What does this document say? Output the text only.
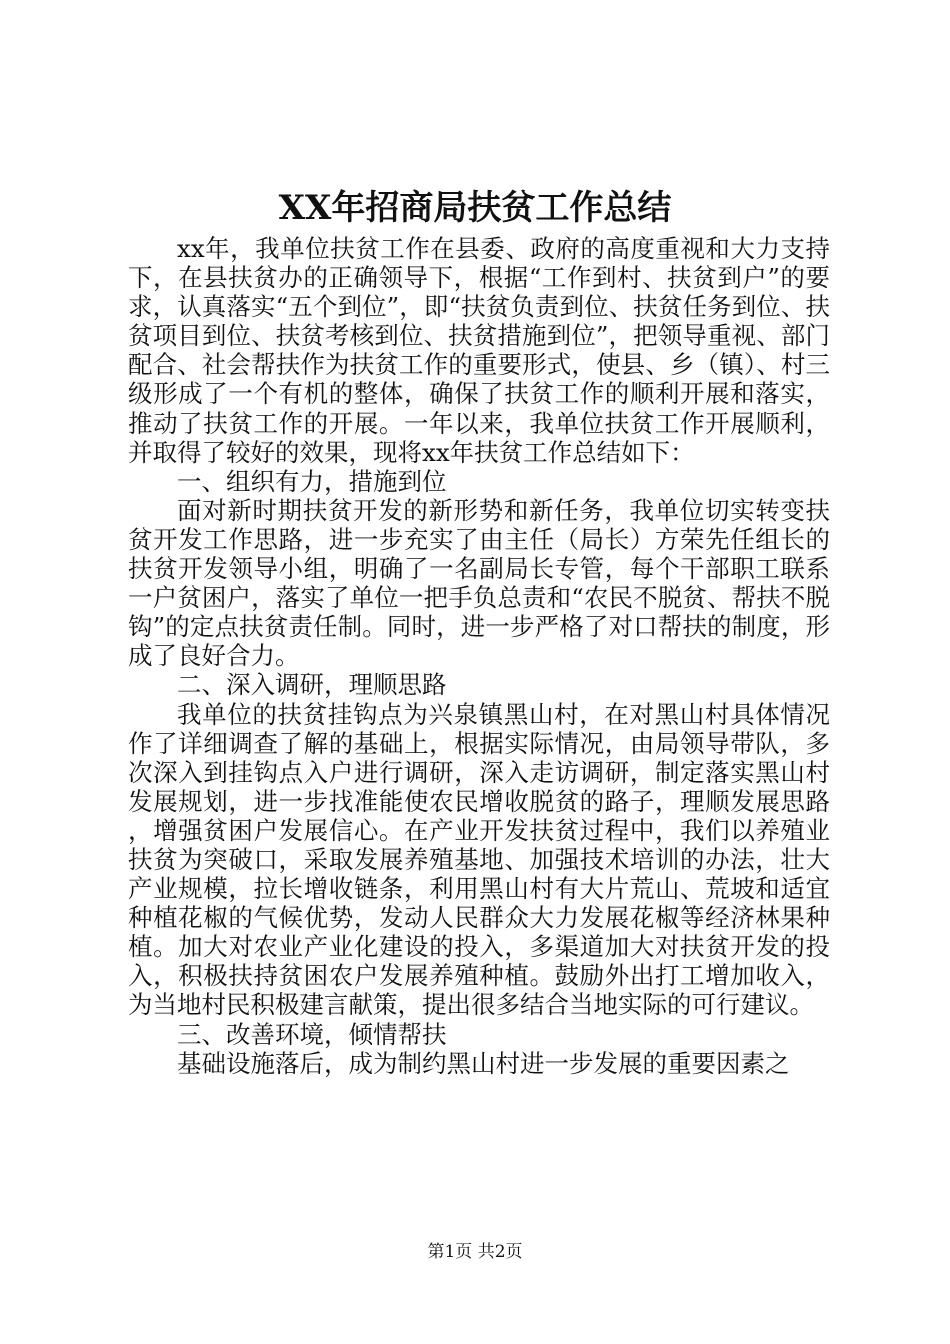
XX年招商局扶贫工作总结

xx年，我单位扶贫工作在县委、政府的高度重视和大力支持下，在县扶贫办的正确领导下，根据“工作到村、扶贫到户”的要求，认真落实“五个到位”，即“扶贫负责到位、扶贫任务到位、扶贫项目到位、扶贫考核到位、扶贫措施到位”，把领导重视、部门配合、社会帮扶作为扶贫工作的重要形式，使县、乡（镇）、村三级形成了一个有机的整体，确保了扶贫工作的顺利开展和落实，推动了扶贫工作的开展。一年以来，我单位扶贫工作开展顺利，并取得了较好的效果，现将xx年扶贫工作总结如下：

一、组织有力，措施到位

面对新时期扶贫开发的新形势和新任务，我单位切实转变扶贫开发工作思路，进一步充实了由主任（局长）方荣先任组长的扶贫开发领导小组，明确了一名副局长专管，每个干部职工联系一户贫困户，落实了单位一把手负总责和“农民不脱贫、帮扶不脱钩”的定点扶贫责任制。同时，进一步严格了对口帮扶的制度，形成了良好合力。

二、深入调研，理顺思路

我单位的扶贫挂钩点为兴泉镇黑山村，在对黑山村具体情况作了详细调查了解的基础上，根据实际情况，由局领导带队，多次深入到挂钩点入户进行调研，深入走访调研，制定落实黑山村发展规划，进一步找准能使农民增收脱贫的路子，理顺发展思路，增强贫困户发展信心。在产业开发扶贫过程中，我们以养殖业扶贫为突破口，采取发展养殖基地、加强技术培训的办法，壮大产业规模，拉长增收链条，利用黑山村有大片荒山、荒坡和适宜种植花椒的气候优势，发动人民群众大力发展花椒等经济林果种植。加大对农业产业化建设的投入，多渠道加大对扶贫开发的投入，积极扶持贫困农户发展养殖种植。鼓励外出打工增加收入，为当地村民积极建言献策，提出很多结合当地实际的可行建议。

三、改善环境，倾情帮扶

基础设施落后，成为制约黑山村进一步发展的重要因素之

第1页 共2页
